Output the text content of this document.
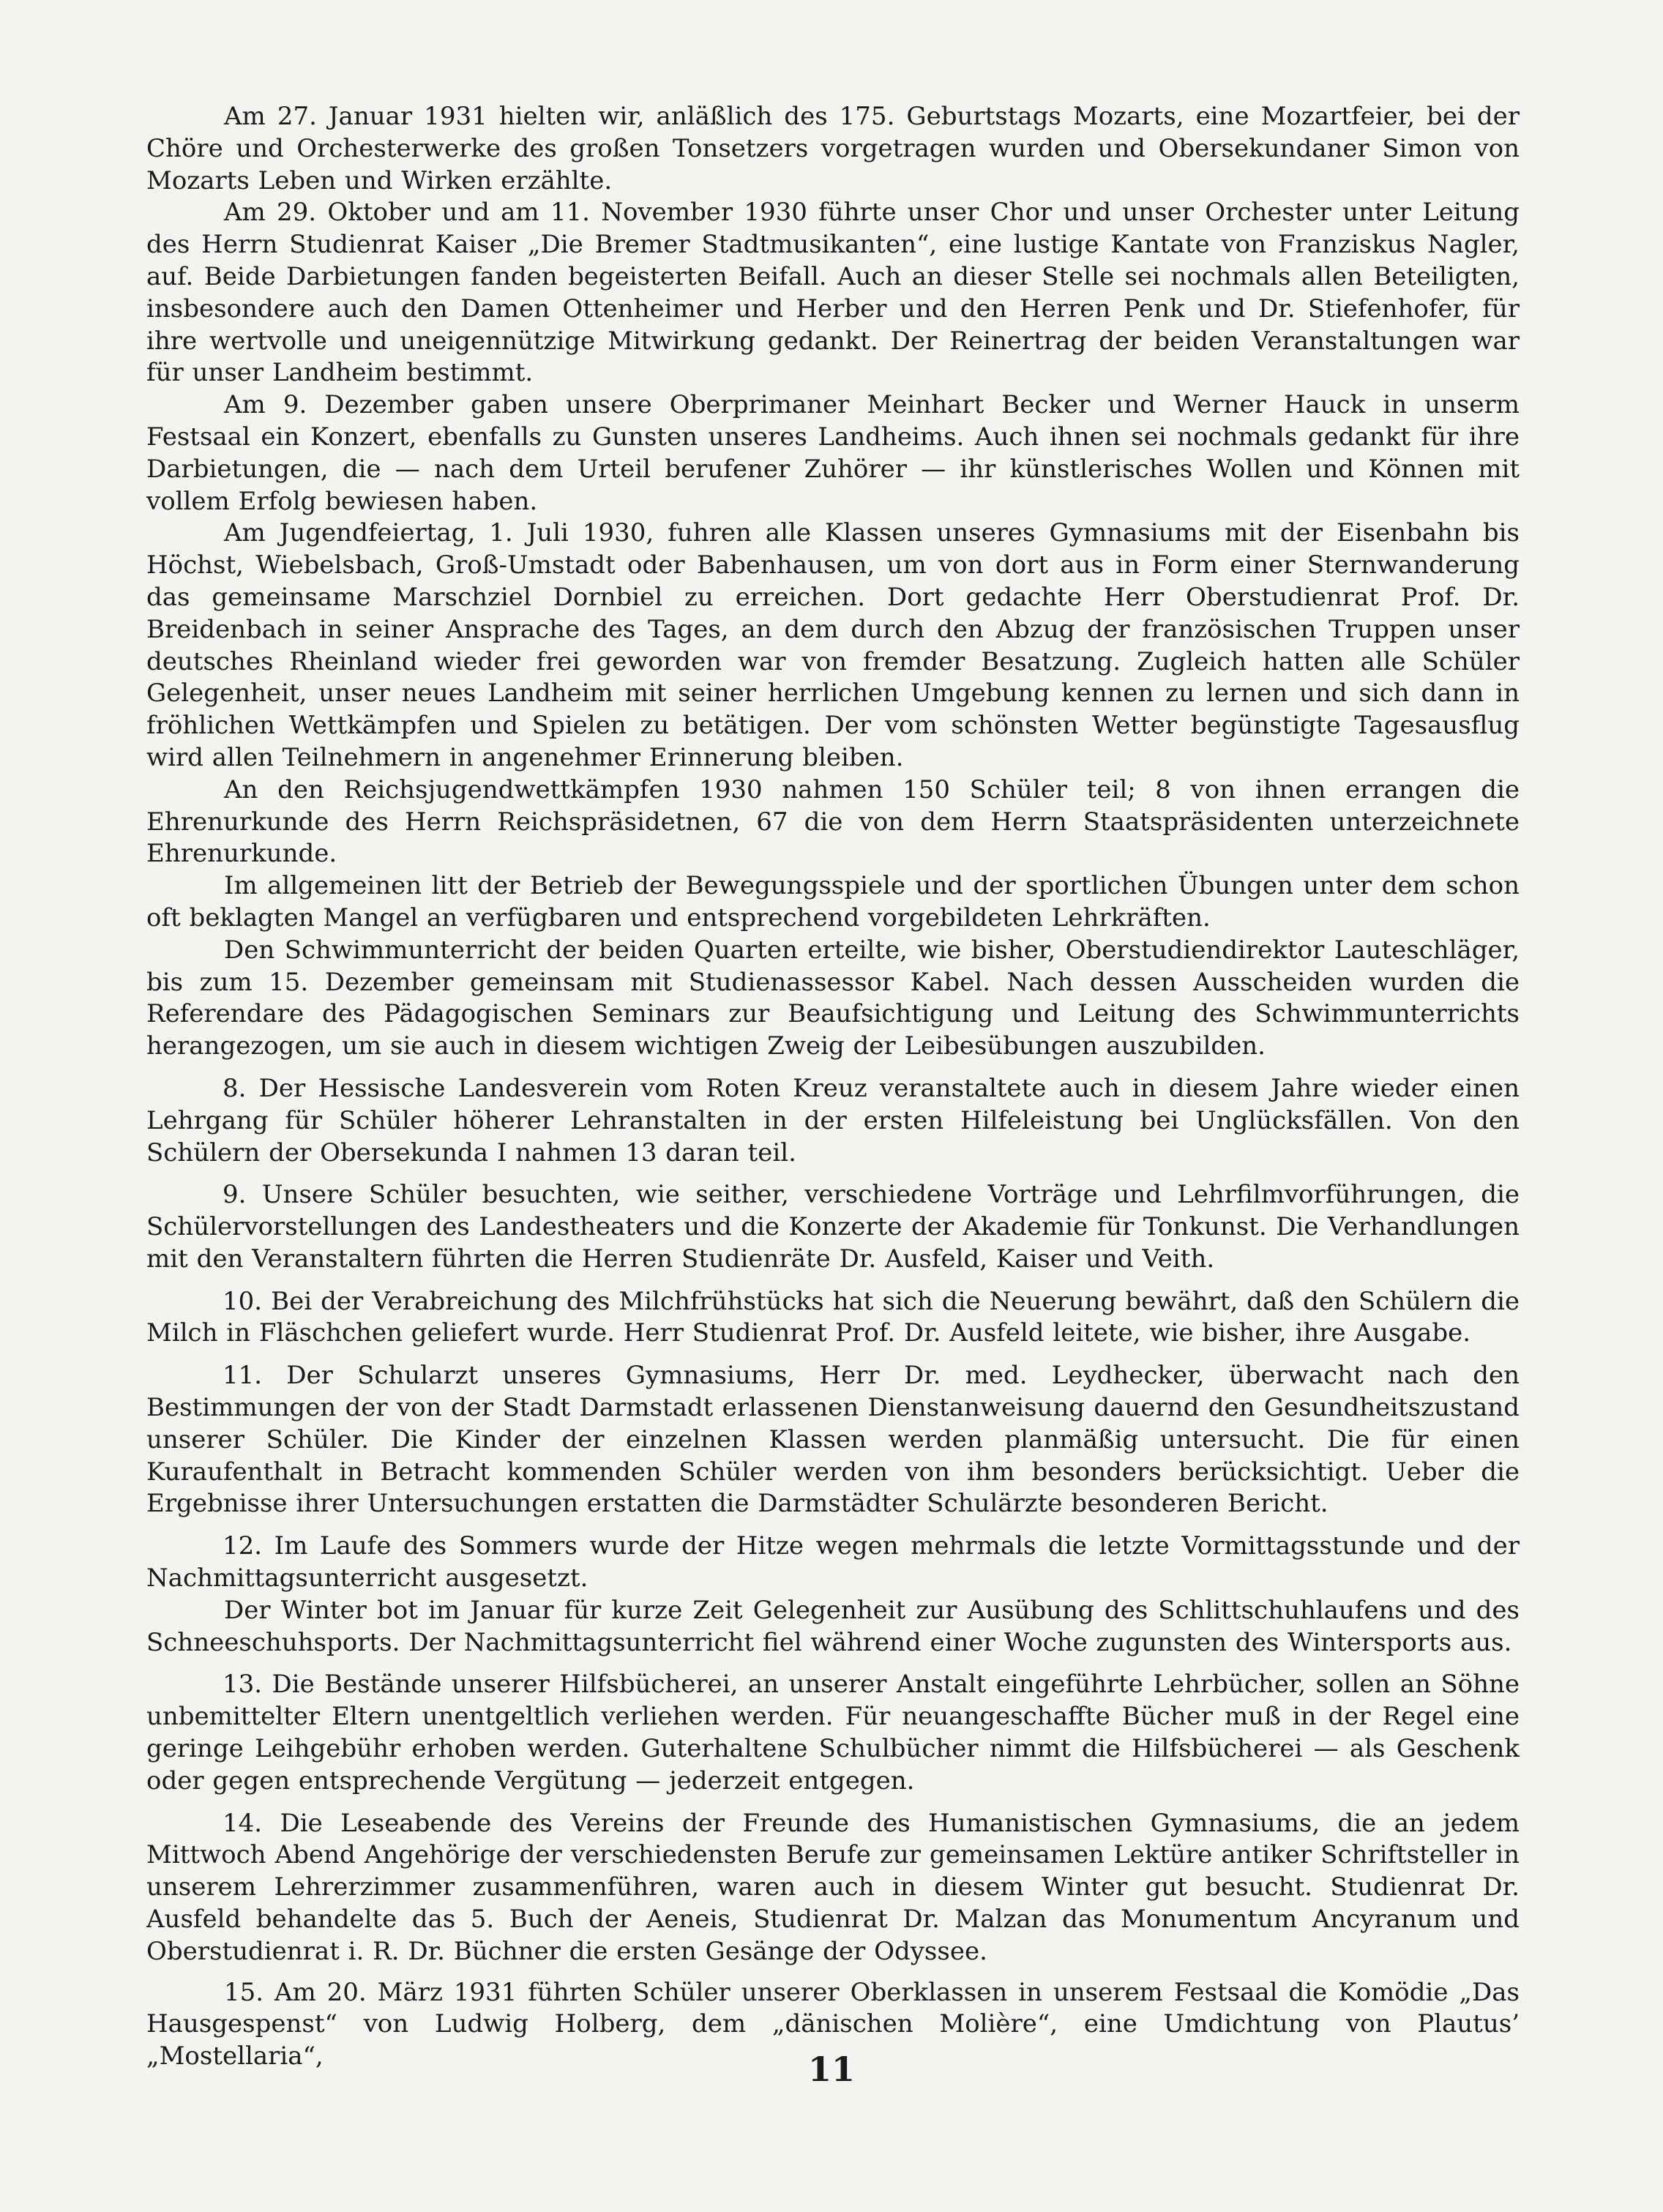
Am 27. Januar 1931 hielten wir, anläßlich des 175. Geburtstags Mozarts, eine Mozartfeier, bei der Chöre und Orchesterwerke des großen Tonsetzers vorgetragen wurden und Obersekundaner Simon von Mozarts Leben und Wirken erzählte.

Am 29. Oktober und am 11. November 1930 führte unser Chor und unser Orchester unter Leitung des Herrn Studienrat Kaiser „Die Bremer Stadtmusikanten“, eine lustige Kantate von Franziskus Nagler, auf. Beide Darbietungen fanden begeisterten Beifall. Auch an dieser Stelle sei nochmals allen Beteiligten, insbesondere auch den Damen Ottenheimer und Herber und den Herren Penk und Dr. Stiefenhofer, für ihre wertvolle und uneigennützige Mitwirkung gedankt. Der Reinertrag der beiden Veranstaltungen war für unser Landheim bestimmt.

Am 9. Dezember gaben unsere Oberprimaner Meinhart Becker und Werner Hauck in unserm Festsaal ein Konzert, ebenfalls zu Gunsten unseres Landheims. Auch ihnen sei nochmals gedankt für ihre Darbietungen, die — nach dem Urteil berufener Zuhörer — ihr künstlerisches Wollen und Können mit vollem Erfolg bewiesen haben.

Am Jugendfeiertag, 1. Juli 1930, fuhren alle Klassen unseres Gymnasiums mit der Eisenbahn bis Höchst, Wiebelsbach, Groß-Umstadt oder Babenhausen, um von dort aus in Form einer Sternwanderung das gemeinsame Marschziel Dornbiel zu erreichen. Dort gedachte Herr Oberstudienrat Prof. Dr. Breidenbach in seiner Ansprache des Tages, an dem durch den Abzug der französischen Truppen unser deutsches Rheinland wieder frei geworden war von fremder Besatzung. Zugleich hatten alle Schüler Gelegenheit, unser neues Landheim mit seiner herrlichen Umgebung kennen zu lernen und sich dann in fröhlichen Wettkämpfen und Spielen zu betätigen. Der vom schönsten Wetter begünstigte Tagesausflug wird allen Teilnehmern in angenehmer Erinnerung bleiben.

An den Reichsjugendwettkämpfen 1930 nahmen 150 Schüler teil; 8 von ihnen errangen die Ehrenurkunde des Herrn Reichspräsidetnen, 67 die von dem Herrn Staatspräsidenten unterzeichnete Ehrenurkunde.

Im allgemeinen litt der Betrieb der Bewegungsspiele und der sportlichen Übungen unter dem schon oft beklagten Mangel an verfügbaren und entsprechend vorgebildeten Lehrkräften.

Den Schwimmunterricht der beiden Quarten erteilte, wie bisher, Oberstudiendirektor Lauteschläger, bis zum 15. Dezember gemeinsam mit Studienassessor Kabel. Nach dessen Ausscheiden wurden die Referendare des Pädagogischen Seminars zur Beaufsichtigung und Leitung des Schwimmunterrichts herangezogen, um sie auch in diesem wichtigen Zweig der Leibesübungen auszubilden.

8. Der Hessische Landesverein vom Roten Kreuz veranstaltete auch in diesem Jahre wieder einen Lehrgang für Schüler höherer Lehranstalten in der ersten Hilfeleistung bei Unglücksfällen. Von den Schülern der Obersekunda I nahmen 13 daran teil.

9. Unsere Schüler besuchten, wie seither, verschiedene Vorträge und Lehrfilmvorführungen, die Schülervorstellungen des Landestheaters und die Konzerte der Akademie für Tonkunst. Die Verhandlungen mit den Veranstaltern führten die Herren Studienräte Dr. Ausfeld, Kaiser und Veith.

10. Bei der Verabreichung des Milchfrühstücks hat sich die Neuerung bewährt, daß den Schülern die Milch in Fläschchen geliefert wurde. Herr Studienrat Prof. Dr. Ausfeld leitete, wie bisher, ihre Ausgabe.

11. Der Schularzt unseres Gymnasiums, Herr Dr. med. Leydhecker, überwacht nach den Bestimmungen der von der Stadt Darmstadt erlassenen Dienstanweisung dauernd den Gesundheitszustand unserer Schüler. Die Kinder der einzelnen Klassen werden planmäßig untersucht. Die für einen Kuraufenthalt in Betracht kommenden Schüler werden von ihm besonders berücksichtigt. Ueber die Ergebnisse ihrer Untersuchungen erstatten die Darmstädter Schulärzte besonderen Bericht.

12. Im Laufe des Sommers wurde der Hitze wegen mehrmals die letzte Vormittagsstunde und der Nachmittagsunterricht ausgesetzt.

Der Winter bot im Januar für kurze Zeit Gelegenheit zur Ausübung des Schlittschuhlaufens und des Schneeschuhsports. Der Nachmittagsunterricht fiel während einer Woche zugunsten des Wintersports aus.

13. Die Bestände unserer Hilfsbücherei, an unserer Anstalt eingeführte Lehrbücher, sollen an Söhne unbemittelter Eltern unentgeltlich verliehen werden. Für neuangeschaffte Bücher muß in der Regel eine geringe Leihgebühr erhoben werden. Guterhaltene Schulbücher nimmt die Hilfsbücherei — als Geschenk oder gegen entsprechende Vergütung — jederzeit entgegen.

14. Die Leseabende des Vereins der Freunde des Humanistischen Gymnasiums, die an jedem Mittwoch Abend Angehörige der verschiedensten Berufe zur gemeinsamen Lektüre antiker Schriftsteller in unserem Lehrerzimmer zusammenführen, waren auch in diesem Winter gut besucht. Studienrat Dr. Ausfeld behandelte das 5. Buch der Aeneis, Studienrat Dr. Malzan das Monumentum Ancyranum und Oberstudienrat i. R. Dr. Büchner die ersten Gesänge der Odyssee.

15. Am 20. März 1931 führten Schüler unserer Oberklassen in unserem Festsaal die Komödie „Das Hausgespenst“ von Ludwig Holberg, dem „dänischen Molière“, eine Umdichtung von Plautus’ „Mostellaria“,	11
